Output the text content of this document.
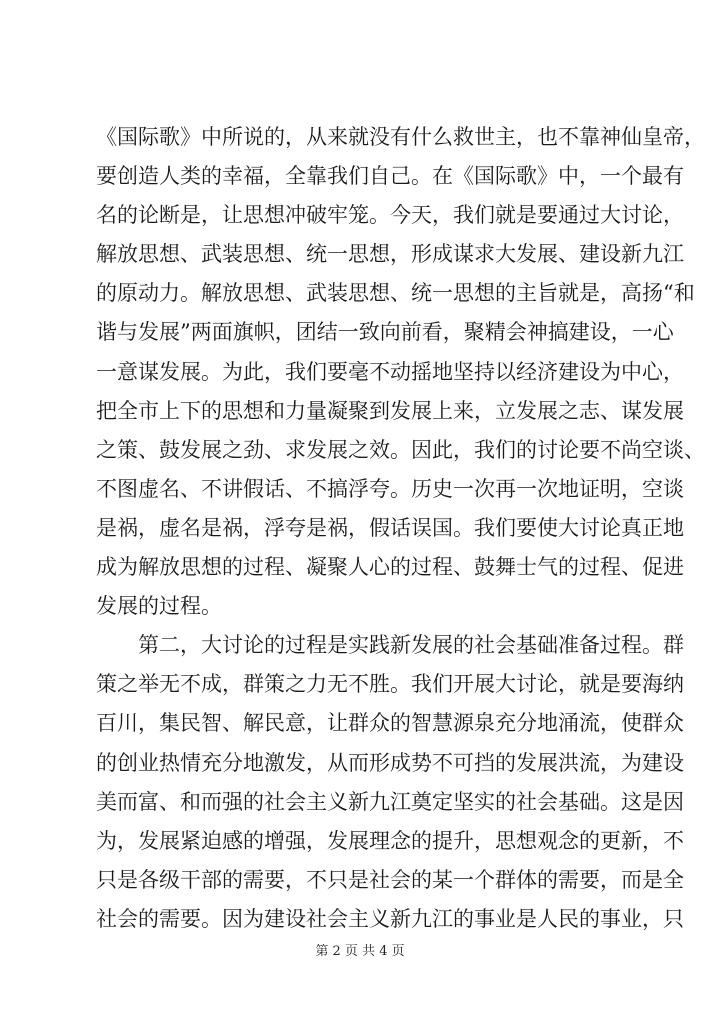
《国际歌》中所说的，从来就没有什么救世主，也不靠神仙皇帝，
要创造人类的幸福，全靠我们自己。在《国际歌》中，一个最有
名的论断是，让思想冲破牢笼。今天，我们就是要通过大讨论，
解放思想、武装思想、统一思想，形成谋求大发展、建设新九江
的原动力。解放思想、武装思想、统一思想的主旨就是，高扬“和
谐与发展”两面旗帜，团结一致向前看，聚精会神搞建设，一心
一意谋发展。为此，我们要毫不动摇地坚持以经济建设为中心，
把全市上下的思想和力量凝聚到发展上来，立发展之志、谋发展
之策、鼓发展之劲、求发展之效。因此，我们的讨论要不尚空谈、
不图虚名、不讲假话、不搞浮夸。历史一次再一次地证明，空谈
是祸，虚名是祸，浮夸是祸，假话误国。我们要使大讨论真正地
成为解放思想的过程、凝聚人心的过程、鼓舞士气的过程、促进
发展的过程。
第二，大讨论的过程是实践新发展的社会基础准备过程。群
策之举无不成，群策之力无不胜。我们开展大讨论，就是要海纳
百川，集民智、解民意，让群众的智慧源泉充分地涌流，使群众
的创业热情充分地激发，从而形成势不可挡的发展洪流，为建设
美而富、和而强的社会主义新九江奠定坚实的社会基础。这是因
为，发展紧迫感的增强，发展理念的提升，思想观念的更新，不
只是各级干部的需要，不只是社会的某一个群体的需要，而是全
社会的需要。因为建设社会主义新九江的事业是人民的事业，只
第 2 页 共 4 页
